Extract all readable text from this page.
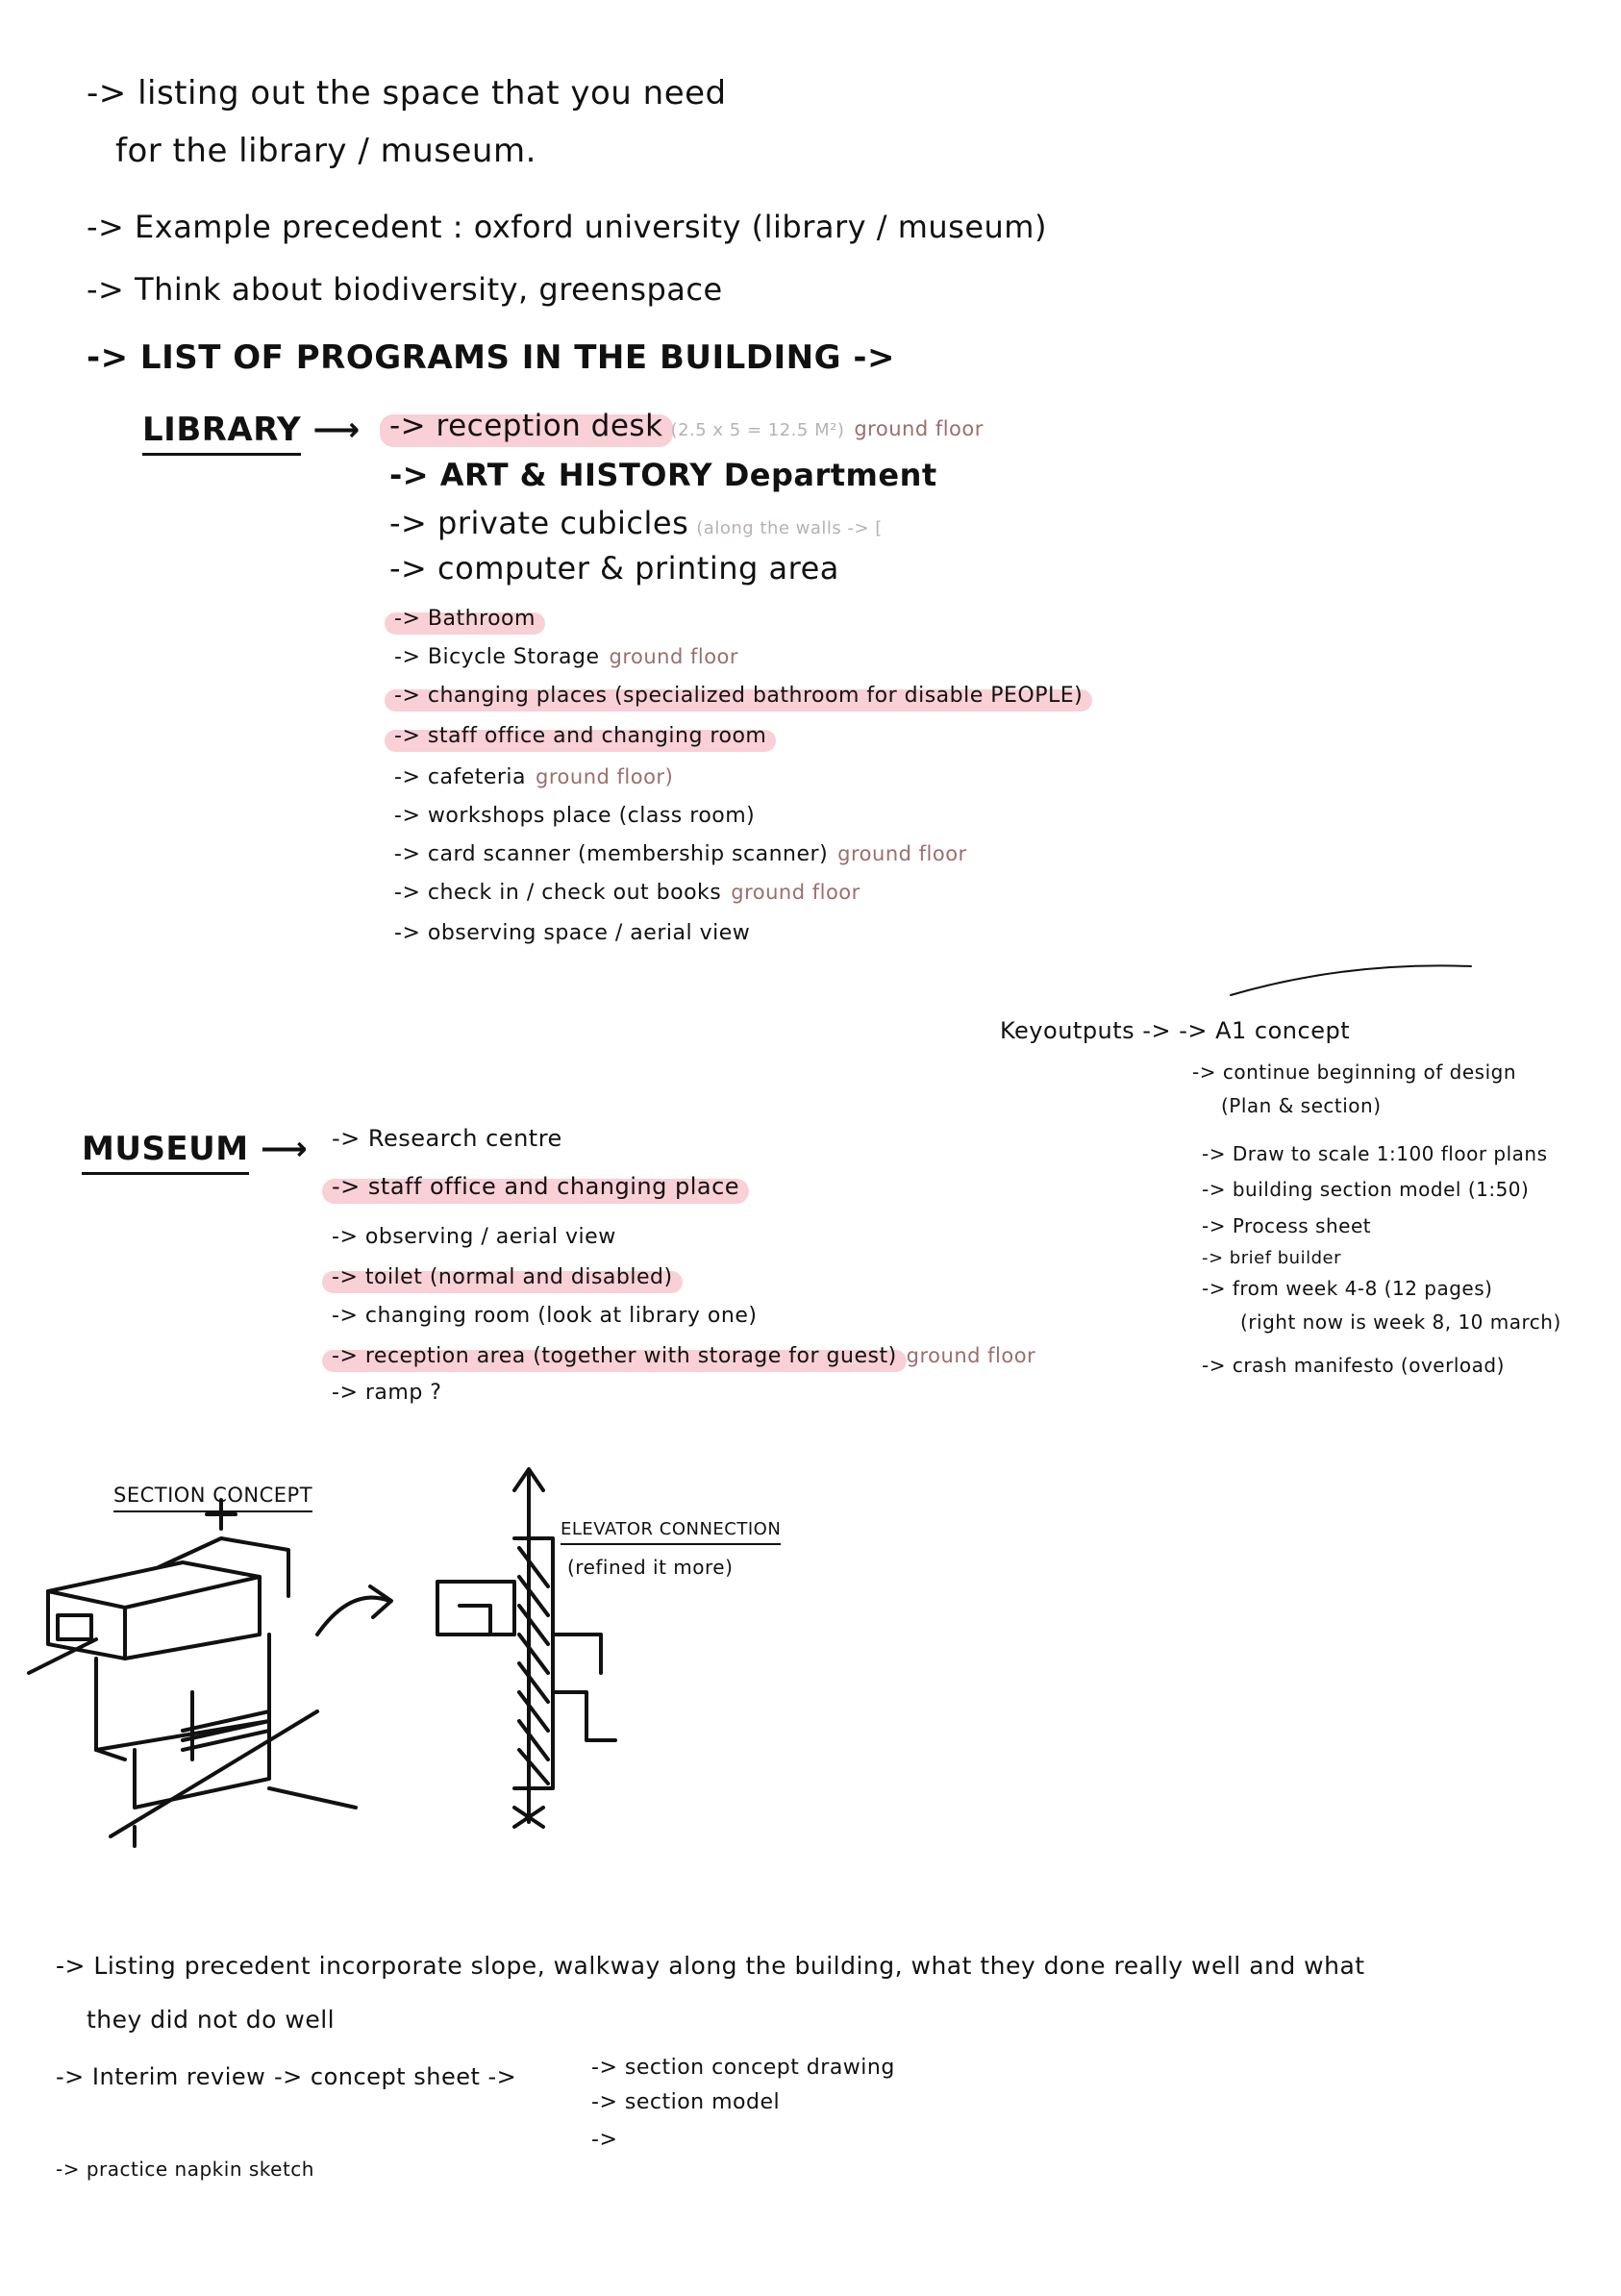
-> listing out the space that you need
for the library / museum.
-> Example precedent : oxford university (library / museum)
-> Think about biodiversity, greenspace
-> LIST OF PROGRAMS IN THE BUILDING ->
LIBRARY ⟶ -> reception desk (2.5 x 5 = 12.5 M²) ground floor
-> ART & HISTORY Department
-> private cubicles (along the walls -> [
-> computer & printing area
-> Bathroom
-> Bicycle Storage ground floor
-> changing places (specialized bathroom for disable PEOPLE)
-> staff office and changing room
-> cafeteria ground floor)
-> workshops place (class room)
-> card scanner (membership scanner) ground floor
-> check in / check out books ground floor
-> observing space / aerial view
Keyoutputs -> -> A1 concept
-> continue beginning of design
(Plan & section)
-> Draw to scale 1:100 floor plans
-> building section model (1:50)
-> Process sheet
-> brief builder
-> from week 4-8 (12 pages)
(right now is week 8, 10 march)
-> crash manifesto (overload)
MUSEUM ⟶ -> Research centre
-> staff office and changing place
-> observing / aerial view
-> toilet (normal and disabled)
-> changing room (look at library one)
-> reception area (together with storage for guest) ground floor
-> ramp ?
SECTION CONCEPT
ELEVATOR CONNECTION
(refined it more)
-> Listing precedent incorporate slope, walkway along the building, what they done really well and what
they did not do well
-> Interim review -> concept sheet ->	-> section concept drawing
-> section model
->
-> practice napkin sketch
